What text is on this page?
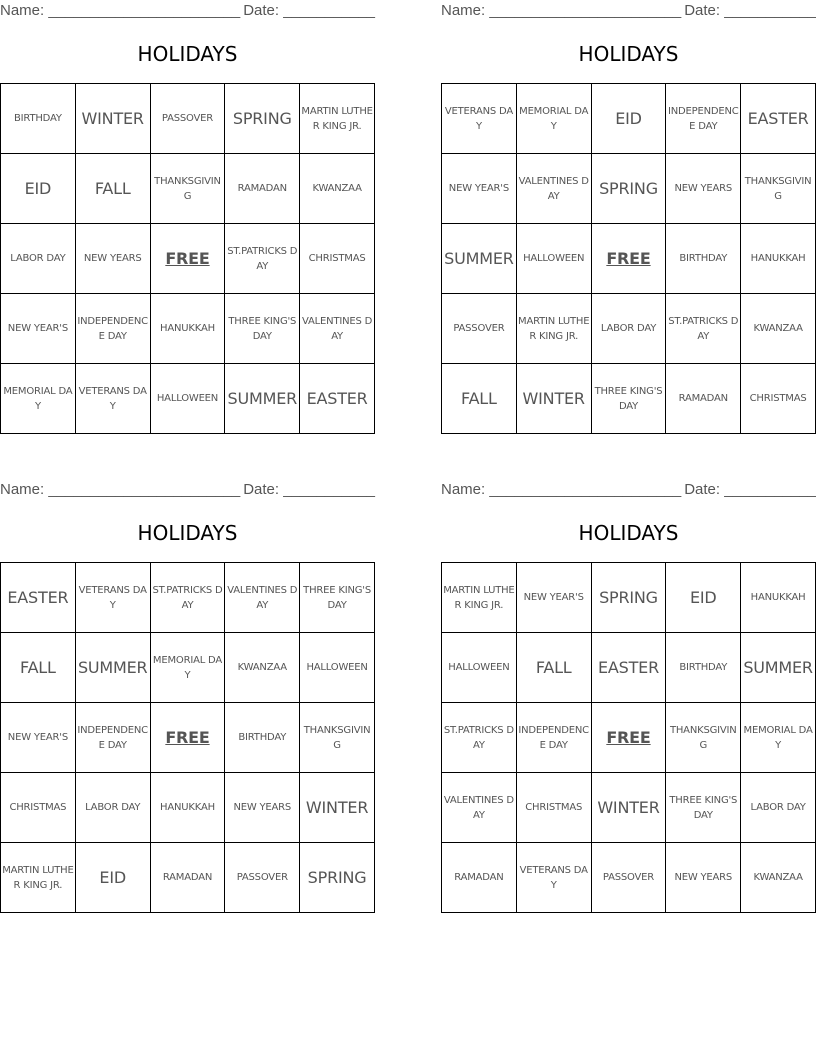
Name: _______________________ Date: ___________
HOLIDAYS
BIRTHDAY	WINTER	PASSOVER	SPRING	MARTIN LUTHER KING JR.

EID	FALL	THANKSGIVING	RAMADAN	KWANZAA

LABOR DAY	NEW YEARS	FREE	ST.PATRICKS DAY	CHRISTMAS

NEW YEAR'S	INDEPENDENCE DAY	HANUKKAH	THREE KING'S DAY	VALENTINES DAY

MEMORIAL DAY	VETERANS DAY	HALLOWEEN	SUMMER	EASTER
Name: _______________________ Date: ___________
HOLIDAYS
VETERANS DAY	MEMORIAL DAY	EID	INDEPENDENCE DAY	EASTER

NEW YEAR'S	VALENTINES DAY	SPRING	NEW YEARS	THANKSGIVING

SUMMER	HALLOWEEN	FREE	BIRTHDAY	HANUKKAH

PASSOVER	MARTIN LUTHER KING JR.	LABOR DAY	ST.PATRICKS DAY	KWANZAA

FALL	WINTER	THREE KING'S DAY	RAMADAN	CHRISTMAS
Name: _______________________ Date: ___________
HOLIDAYS
EASTER	VETERANS DAY	ST.PATRICKS DAY	VALENTINES DAY	THREE KING'S DAY

FALL	SUMMER	MEMORIAL DAY	KWANZAA	HALLOWEEN

NEW YEAR'S	INDEPENDENCE DAY	FREE	BIRTHDAY	THANKSGIVING

CHRISTMAS	LABOR DAY	HANUKKAH	NEW YEARS	WINTER

MARTIN LUTHER KING JR.	EID	RAMADAN	PASSOVER	SPRING
Name: _______________________ Date: ___________
HOLIDAYS
MARTIN LUTHER KING JR.	NEW YEAR'S	SPRING	EID	HANUKKAH

HALLOWEEN	FALL	EASTER	BIRTHDAY	SUMMER

ST.PATRICKS DAY	INDEPENDENCE DAY	FREE	THANKSGIVING	MEMORIAL DAY

VALENTINES DAY	CHRISTMAS	WINTER	THREE KING'S DAY	LABOR DAY

RAMADAN	VETERANS DAY	PASSOVER	NEW YEARS	KWANZAA
